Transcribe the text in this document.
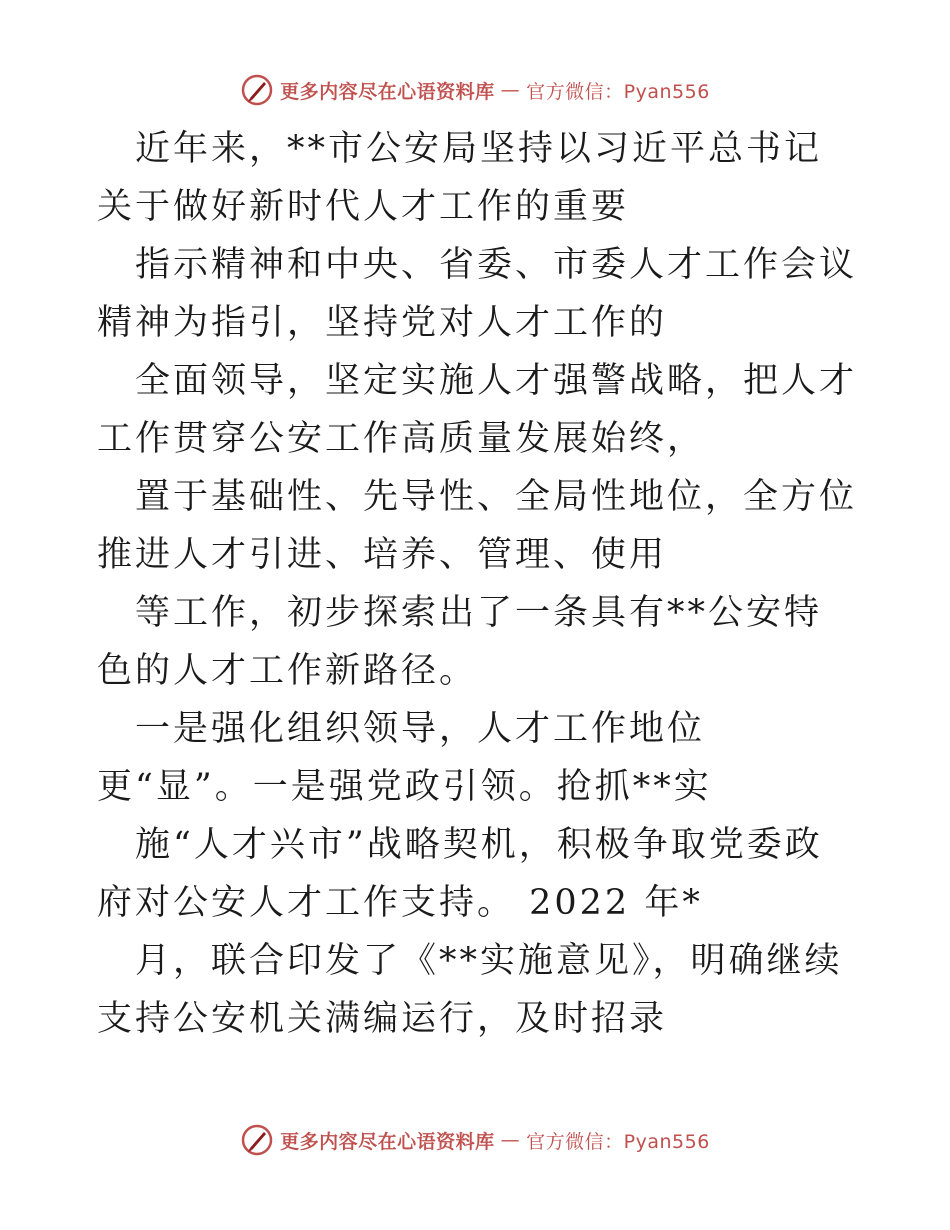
更多内容尽在心语资料库 — 官方微信：Pyan556

近年来，**市公安局坚持以习近平总书记关于做好新时代人才工作的重要

指示精神和中央、省委、市委人才工作会议精神为指引，坚持党对人才工作的

全面领导，坚定实施人才强警战略，把人才工作贯穿公安工作高质量发展始终，

置于基础性、先导性、全局性地位，全方位推进人才引进、培养、管理、使用

等工作，初步探索出了一条具有**公安特色的人才工作新路径。

一是强化组织领导，人才工作地位更“显”。一是强党政引领。抢抓**实

施“人才兴市”战略契机，积极争取党委政府对公安人才工作支持。 2022 年*

月，联合印发了《**实施意见》，明确继续支持公安机关满编运行，及时招录

更多内容尽在心语资料库 — 官方微信：Pyan556
